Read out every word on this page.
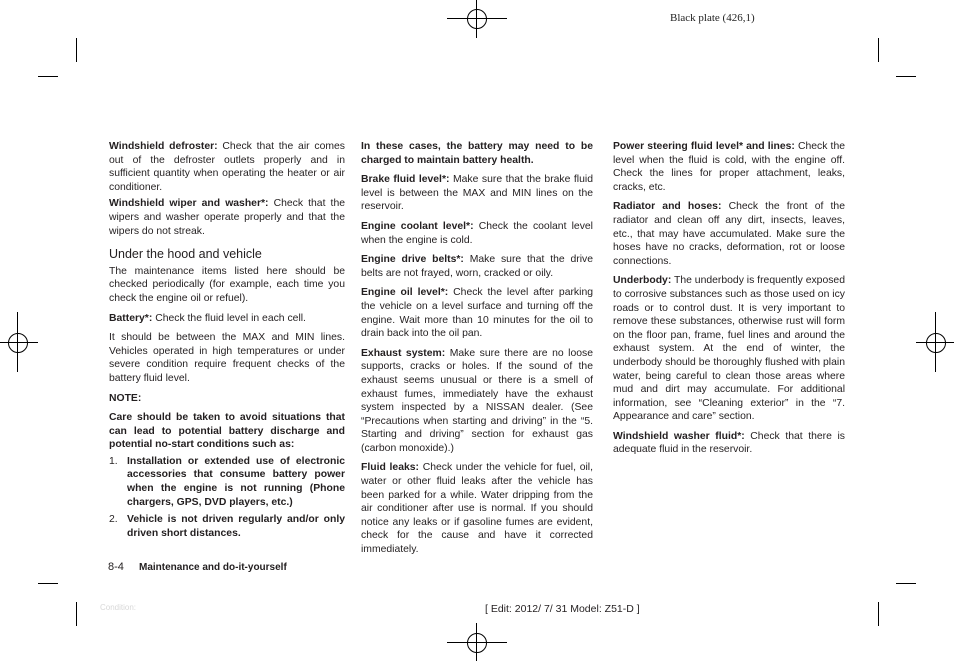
Black plate (426,1)

Windshield defroster: Check that the air comes out of the defroster outlets properly and in sufficient quantity when operating the heater or air conditioner.

Windshield wiper and washer*: Check that the wipers and washer operate properly and that the wipers do not streak.

Under the hood and vehicle

The maintenance items listed here should be checked periodically (for example, each time you check the engine oil or refuel).

Battery*: Check the fluid level in each cell.

It should be between the MAX and MIN lines. Vehicles operated in high temperatures or under severe condition require frequent checks of the battery fluid level.

NOTE:

Care should be taken to avoid situations that can lead to potential battery discharge and potential no-start conditions such as:

1. Installation or extended use of electronic accessories that consume battery power when the engine is not running (Phone chargers, GPS, DVD players, etc.)
2. Vehicle is not driven regularly and/or only driven short distances.

In these cases, the battery may need to be charged to maintain battery health.

Brake fluid level*: Make sure that the brake fluid level is between the MAX and MIN lines on the reservoir.

Engine coolant level*: Check the coolant level when the engine is cold.

Engine drive belts*: Make sure that the drive belts are not frayed, worn, cracked or oily.

Engine oil level*: Check the level after parking the vehicle on a level surface and turning off the engine. Wait more than 10 minutes for the oil to drain back into the oil pan.

Exhaust system: Make sure there are no loose supports, cracks or holes. If the sound of the exhaust seems unusual or there is a smell of exhaust fumes, immediately have the exhaust system inspected by a NISSAN dealer. (See “Precautions when starting and driving” in the “5. Starting and driving” section for exhaust gas (carbon monoxide).)

Fluid leaks: Check under the vehicle for fuel, oil, water or other fluid leaks after the vehicle has been parked for a while. Water dripping from the air conditioner after use is normal. If you should notice any leaks or if gasoline fumes are evident, check for the cause and have it corrected immediately.

Power steering fluid level* and lines: Check the level when the fluid is cold, with the engine off. Check the lines for proper attachment, leaks, cracks, etc.

Radiator and hoses: Check the front of the radiator and clean off any dirt, insects, leaves, etc., that may have accumulated. Make sure the hoses have no cracks, deformation, rot or loose connections.

Underbody: The underbody is frequently exposed to corrosive substances such as those used on icy roads or to control dust. It is very important to remove these substances, otherwise rust will form on the floor pan, frame, fuel lines and around the exhaust system. At the end of winter, the underbody should be thoroughly flushed with plain water, being careful to clean those areas where mud and dirt may accumulate. For additional information, see “Cleaning exterior” in the “7. Appearance and care” section.

Windshield washer fluid*: Check that there is adequate fluid in the reservoir.

8-4 Maintenance and do-it-yourself
Condition:	[ Edit: 2012/ 7/ 31 Model: Z51-D ]
